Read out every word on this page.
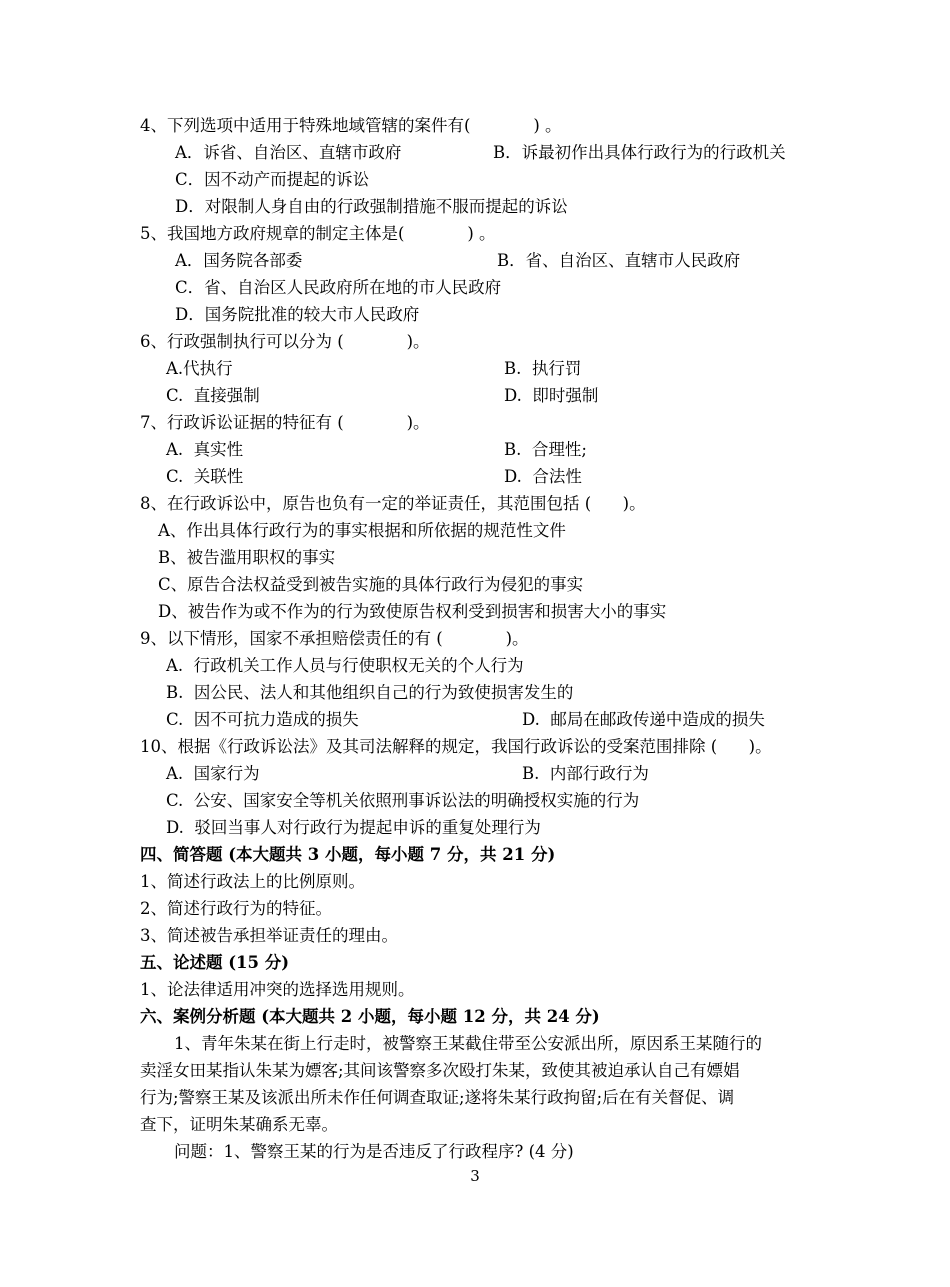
4、下列选项中适用于特殊地域管辖的案件有(            ) 。
A．诉省、自治区、直辖市政府	B．诉最初作出具体行政行为的行政机关
C．因不动产而提起的诉讼
D．对限制人身自由的行政强制措施不服而提起的诉讼
5、我国地方政府规章的制定主体是(            ) 。
A．国务院各部委	B．省、自治区、直辖市人民政府
C．省、自治区人民政府所在地的市人民政府
D．国务院批准的较大市人民政府
6、行政强制执行可以分为 (            )。
A.代执行	B.  执行罚
C.  直接强制	D.  即时强制
7、行政诉讼证据的特征有 (            )。
A.  真实性	B.  合理性;
C.  关联性	D.  合法性
8、在行政诉讼中，原告也负有一定的举证责任，其范围包括 (      )。
A、作出具体行政行为的事实根据和所依据的规范性文件
B、被告滥用职权的事实
C、原告合法权益受到被告实施的具体行政行为侵犯的事实
D、被告作为或不作为的行为致使原告权利受到损害和损害大小的事实
9、以下情形，国家不承担赔偿责任的有 (            )。
A.  行政机关工作人员与行使职权无关的个人行为
B.  因公民、法人和其他组织自己的行为致使损害发生的
C.  因不可抗力造成的损失	D.  邮局在邮政传递中造成的损失
10、根据《行政诉讼法》及其司法解释的规定，我国行政诉讼的受案范围排除 (      )。
A.  国家行为	B.  内部行政行为
C.  公安、国家安全等机关依照刑事诉讼法的明确授权实施的行为
D.  驳回当事人对行政行为提起申诉的重复处理行为
四、简答题 (本大题共 3 小题，每小题 7 分，共 21 分)
1、简述行政法上的比例原则。
2、简述行政行为的特征。
3、简述被告承担举证责任的理由。
五、论述题 (15 分)
1、论法律适用冲突的选择选用规则。
六、案例分析题 (本大题共 2 小题，每小题 12 分，共 24 分)
1、青年朱某在街上行走时，被警察王某截住带至公安派出所，原因系王某随行的
卖淫女田某指认朱某为嫖客;其间该警察多次殴打朱某，致使其被迫承认自己有嫖娼
行为;警察王某及该派出所未作任何调查取证;遂将朱某行政拘留;后在有关督促、调
查下，证明朱某确系无辜。
问题：1、警察王某的行为是否违反了行政程序? (4 分)
3
